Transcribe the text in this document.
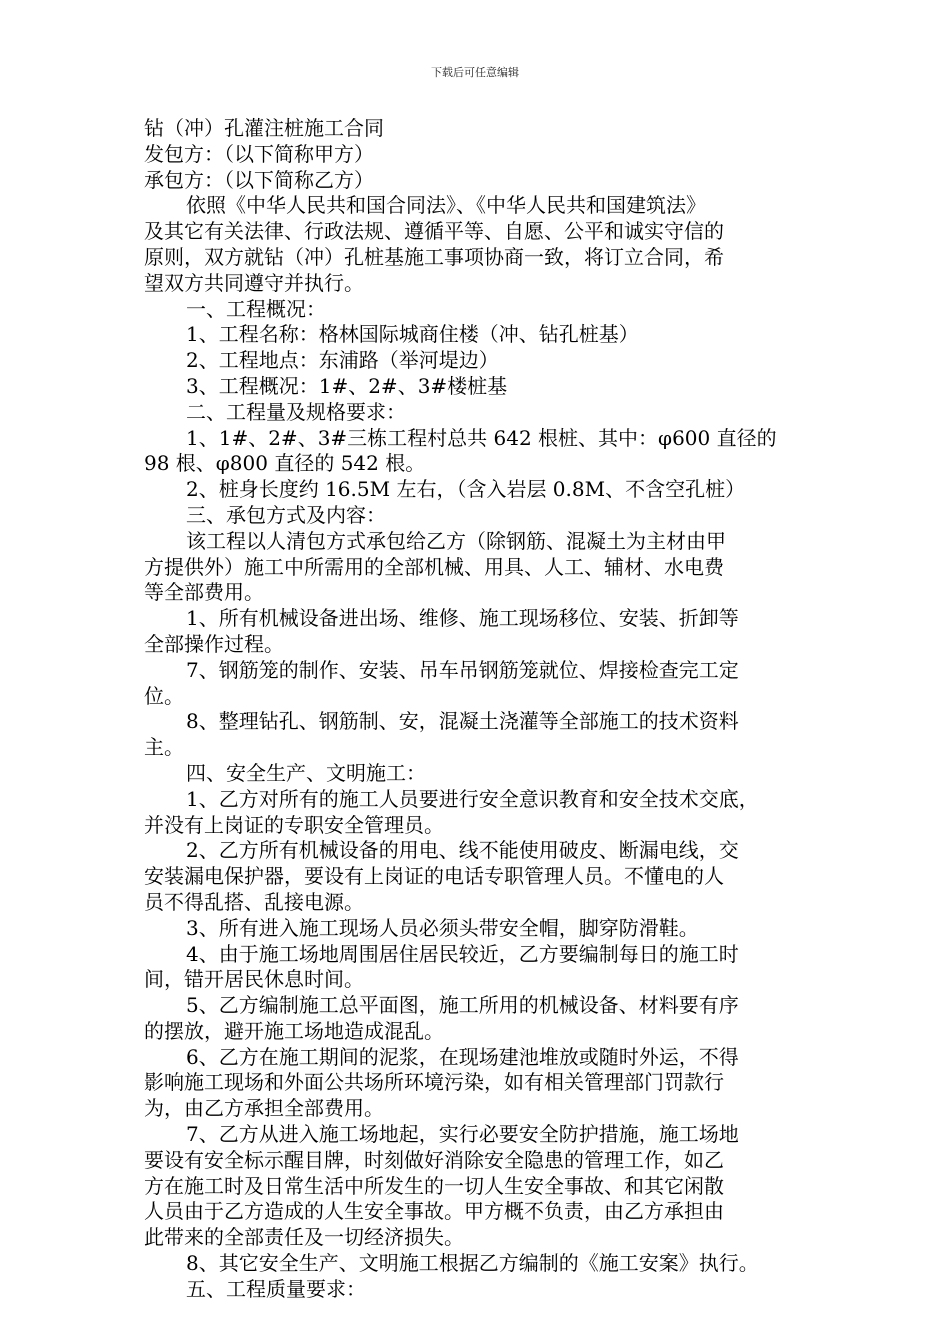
下载后可任意编辑
钻（冲）孔灌注桩施工合同
发包方：（以下简称甲方）
承包方：（以下简称乙方）
依照《中华人民共和国合同法》、《中华人民共和国建筑法》
及其它有关法律、行政法规、遵循平等、自愿、公平和诚实守信的
原则，双方就钻（冲）孔桩基施工事项协商一致，将订立合同，希
望双方共同遵守并执行。
一、工程概况：
1、工程名称：格林国际城商住楼（冲、钻孔桩基）
2、工程地点：东浦路（举河堤边）
3、工程概况：1#、2#、3#楼桩基
二、工程量及规格要求：
1、1#、2#、3#三栋工程村总共 642 根桩、其中：φ600 直径的
98 根、φ800 直径的 542 根。
2、桩身长度约 16.5M 左右，（含入岩层 0.8M、不含空孔桩）
三、承包方式及内容：
该工程以人清包方式承包给乙方（除钢筋、混凝土为主材由甲
方提供外）施工中所需用的全部机械、用具、人工、辅材、水电费
等全部费用。
1、所有机械设备进出场、维修、施工现场移位、安装、折卸等
全部操作过程。
7、钢筋笼的制作、安装、吊车吊钢筋笼就位、焊接检查完工定
位。
8、整理钻孔、钢筋制、安，混凝土浇灌等全部施工的技术资料
主。
四、安全生产、文明施工：
1、乙方对所有的施工人员要进行安全意识教育和安全技术交底，
并没有上岗证的专职安全管理员。
2、乙方所有机械设备的用电、线不能使用破皮、断漏电线，交
安装漏电保护器，要设有上岗证的电话专职管理人员。不懂电的人
员不得乱搭、乱接电源。
3、所有进入施工现场人员必须头带安全帽，脚穿防滑鞋。
4、由于施工场地周围居住居民较近，乙方要编制每日的施工时
间，错开居民休息时间。
5、乙方编制施工总平面图，施工所用的机械设备、材料要有序
的摆放，避开施工场地造成混乱。
6、乙方在施工期间的泥浆，在现场建池堆放或随时外运，不得
影响施工现场和外面公共场所环境污染，如有相关管理部门罚款行
为，由乙方承担全部费用。
7、乙方从进入施工场地起，实行必要安全防护措施，施工场地
要设有安全标示醒目牌，时刻做好消除安全隐患的管理工作，如乙
方在施工时及日常生活中所发生的一切人生安全事故、和其它闲散
人员由于乙方造成的人生安全事故。甲方概不负责，由乙方承担由
此带来的全部责任及一切经济损失。
8、其它安全生产、文明施工根据乙方编制的《施工安案》执行。
五、工程质量要求：
